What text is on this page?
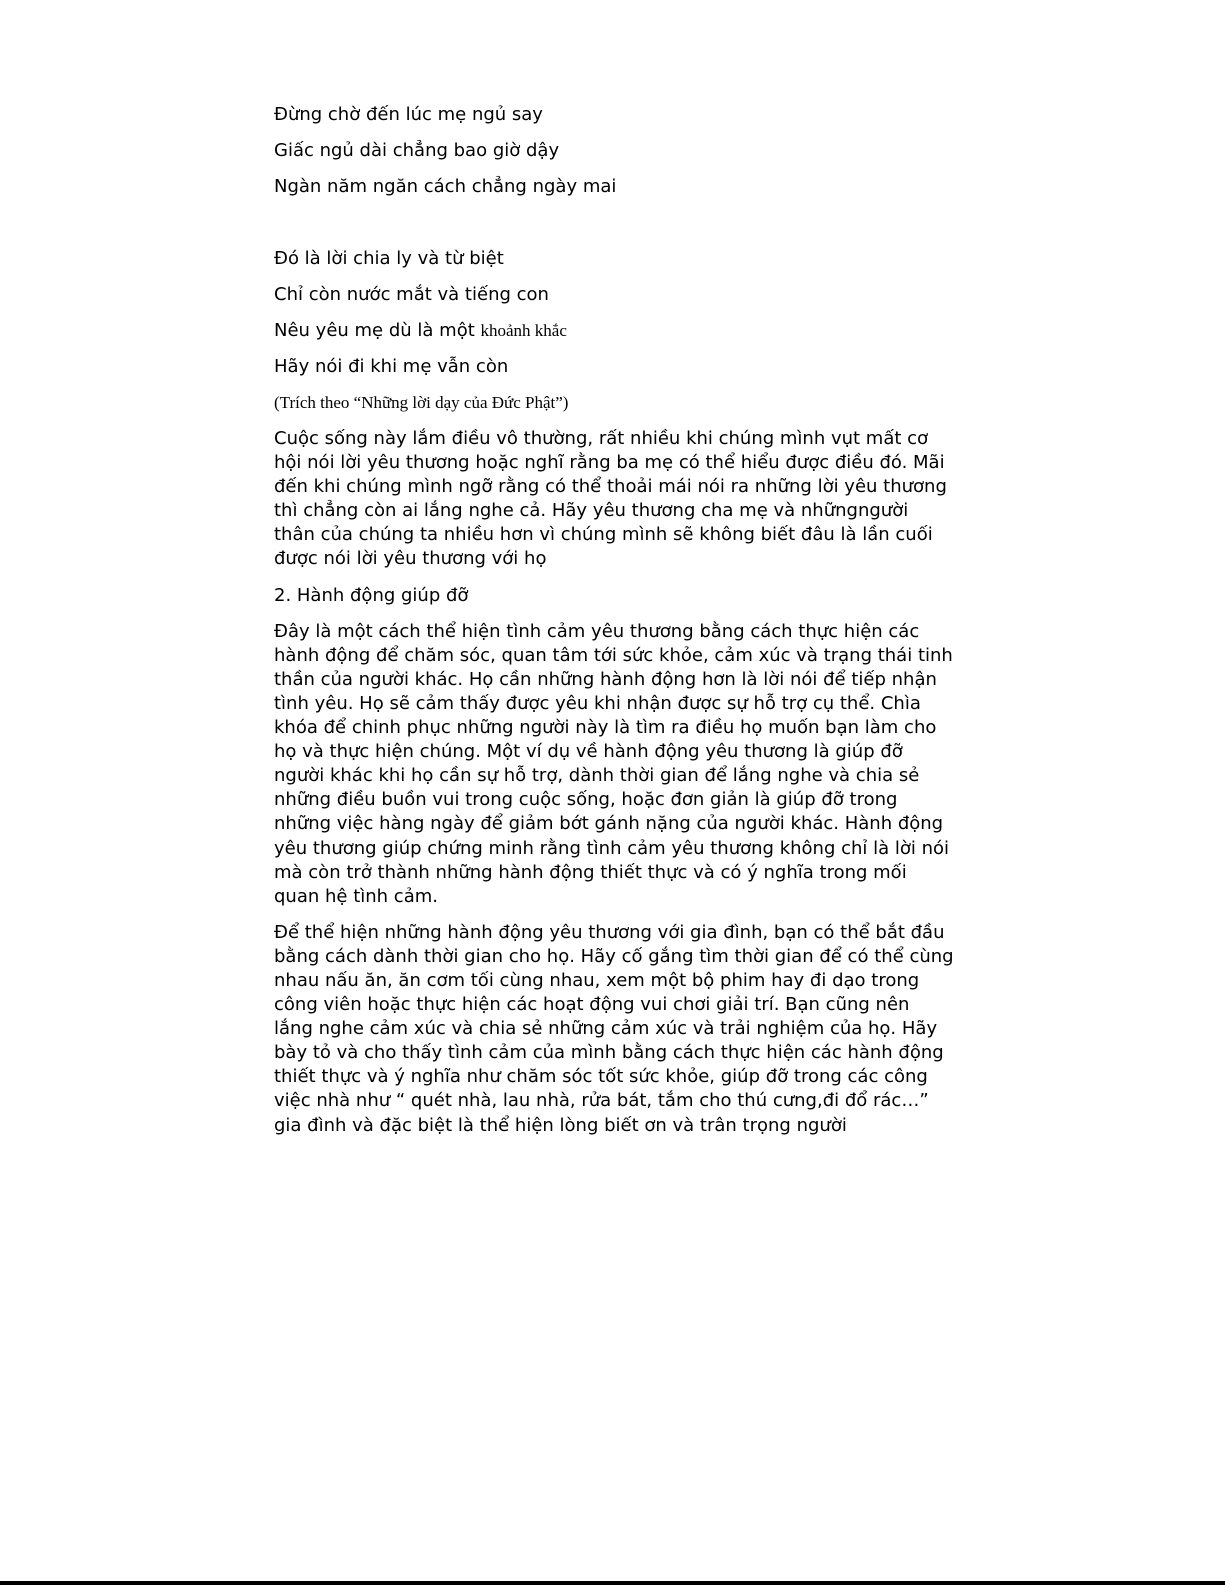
Đừng chờ đến lúc mẹ ngủ say

Giấc ngủ dài chẳng bao giờ dậy

Ngàn năm ngăn cách chẳng ngày mai

Đó là lời chia ly và từ biệt

Chỉ còn nước mắt và tiếng con

Nêu yêu mẹ dù là một khoảnh khắc

Hãy nói đi khi mẹ vẫn còn

(Trích theo “Những lời dạy của Đức Phật”)

Cuộc sống này lắm điều vô thường, rất nhiều khi chúng mình vụt mất cơ hội nói lời yêu thương hoặc nghĩ rằng ba mẹ có thể hiểu được điều đó. Mãi đến khi chúng mình ngỡ rằng có thể thoải mái nói ra những lời yêu thương thì chẳng còn ai lắng nghe cả. Hãy yêu thương cha mẹ và nhữngngười thân của chúng ta nhiều hơn vì chúng mình sẽ không biết đâu là lần cuối được nói lời yêu thương với họ

2. Hành động giúp đỡ

Đây là một cách thể hiện tình cảm yêu thương bằng cách thực hiện các hành động để chăm sóc, quan tâm tới sức khỏe, cảm xúc và trạng thái tinh thần của người khác. Họ cần những hành động hơn là lời nói để tiếp nhận tình yêu. Họ sẽ cảm thấy được yêu khi nhận được sự hỗ trợ cụ thể. Chìa khóa để chinh phục những người này là tìm ra điều họ muốn bạn làm cho họ và thực hiện chúng. Một ví dụ về hành động yêu thương là giúp đỡ người khác khi họ cần sự hỗ trợ, dành thời gian để lắng nghe và chia sẻ những điều buồn vui trong cuộc sống, hoặc đơn giản là giúp đỡ trong những việc hàng ngày để giảm bớt gánh nặng của người khác. Hành động yêu thương giúp chứng minh rằng tình cảm yêu thương không chỉ là lời nói mà còn trở thành những hành động thiết thực và có ý nghĩa trong mối quan hệ tình cảm.

Để thể hiện những hành động yêu thương với gia đình, bạn có thể bắt đầu bằng cách dành thời gian cho họ. Hãy cố gắng tìm thời gian để có thể cùng nhau nấu ăn, ăn cơm tối cùng nhau, xem một bộ phim hay đi dạo trong công viên hoặc thực hiện các hoạt động vui chơi giải trí. Bạn cũng nên lắng nghe cảm xúc và chia sẻ những cảm xúc và trải nghiệm của họ. Hãy bày tỏ và cho thấy tình cảm của mình bằng cách thực hiện các hành động thiết thực và ý nghĩa như chăm sóc tốt sức khỏe, giúp đỡ trong các công việc nhà như “ quét nhà, lau nhà, rửa bát, tắm cho thú cưng,đi đổ rác…” gia đình và đặc biệt là thể hiện lòng biết ơn và trân trọng người
